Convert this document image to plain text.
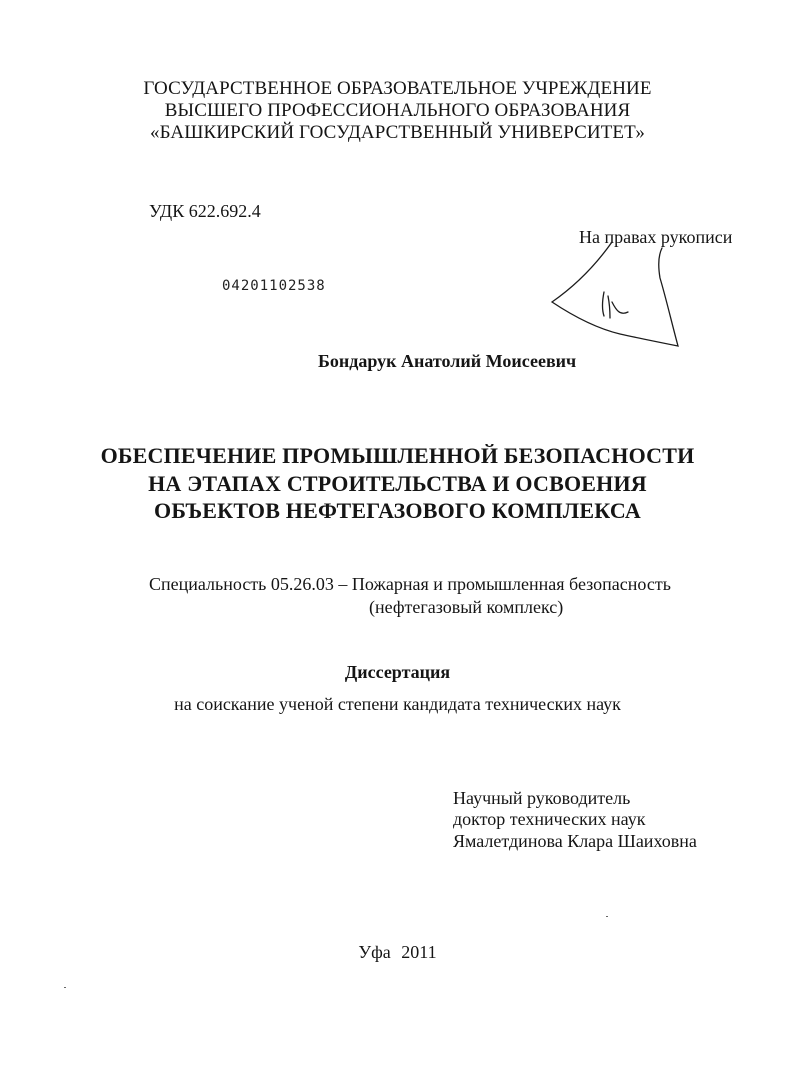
ГОСУДАРСТВЕННОЕ ОБРАЗОВАТЕЛЬНОЕ УЧРЕЖДЕНИЕ
ВЫСШЕГО ПРОФЕССИОНАЛЬНОГО ОБРАЗОВАНИЯ
«БАШКИРСКИЙ ГОСУДАРСТВЕННЫЙ УНИВЕРСИТЕТ»
УДК 622.692.4
На правах рукописи
04201102538
Бондарук Анатолий Моисеевич
ОБЕСПЕЧЕНИЕ ПРОМЫШЛЕННОЙ БЕЗОПАСНОСТИ
НА ЭТАПАХ СТРОИТЕЛЬСТВА И ОСВОЕНИЯ
ОБЪЕКТОВ НЕФТЕГАЗОВОГО КОМПЛЕКСА
Специальность 05.26.03 – Пожарная и промышленная безопасность
(нефтегазовый комплекс)
Диссертация
на соискание ученой степени кандидата технических наук
Научный руководитель
доктор технических наук
Ямалетдинова Клара Шаиховна
Уфа 2011
